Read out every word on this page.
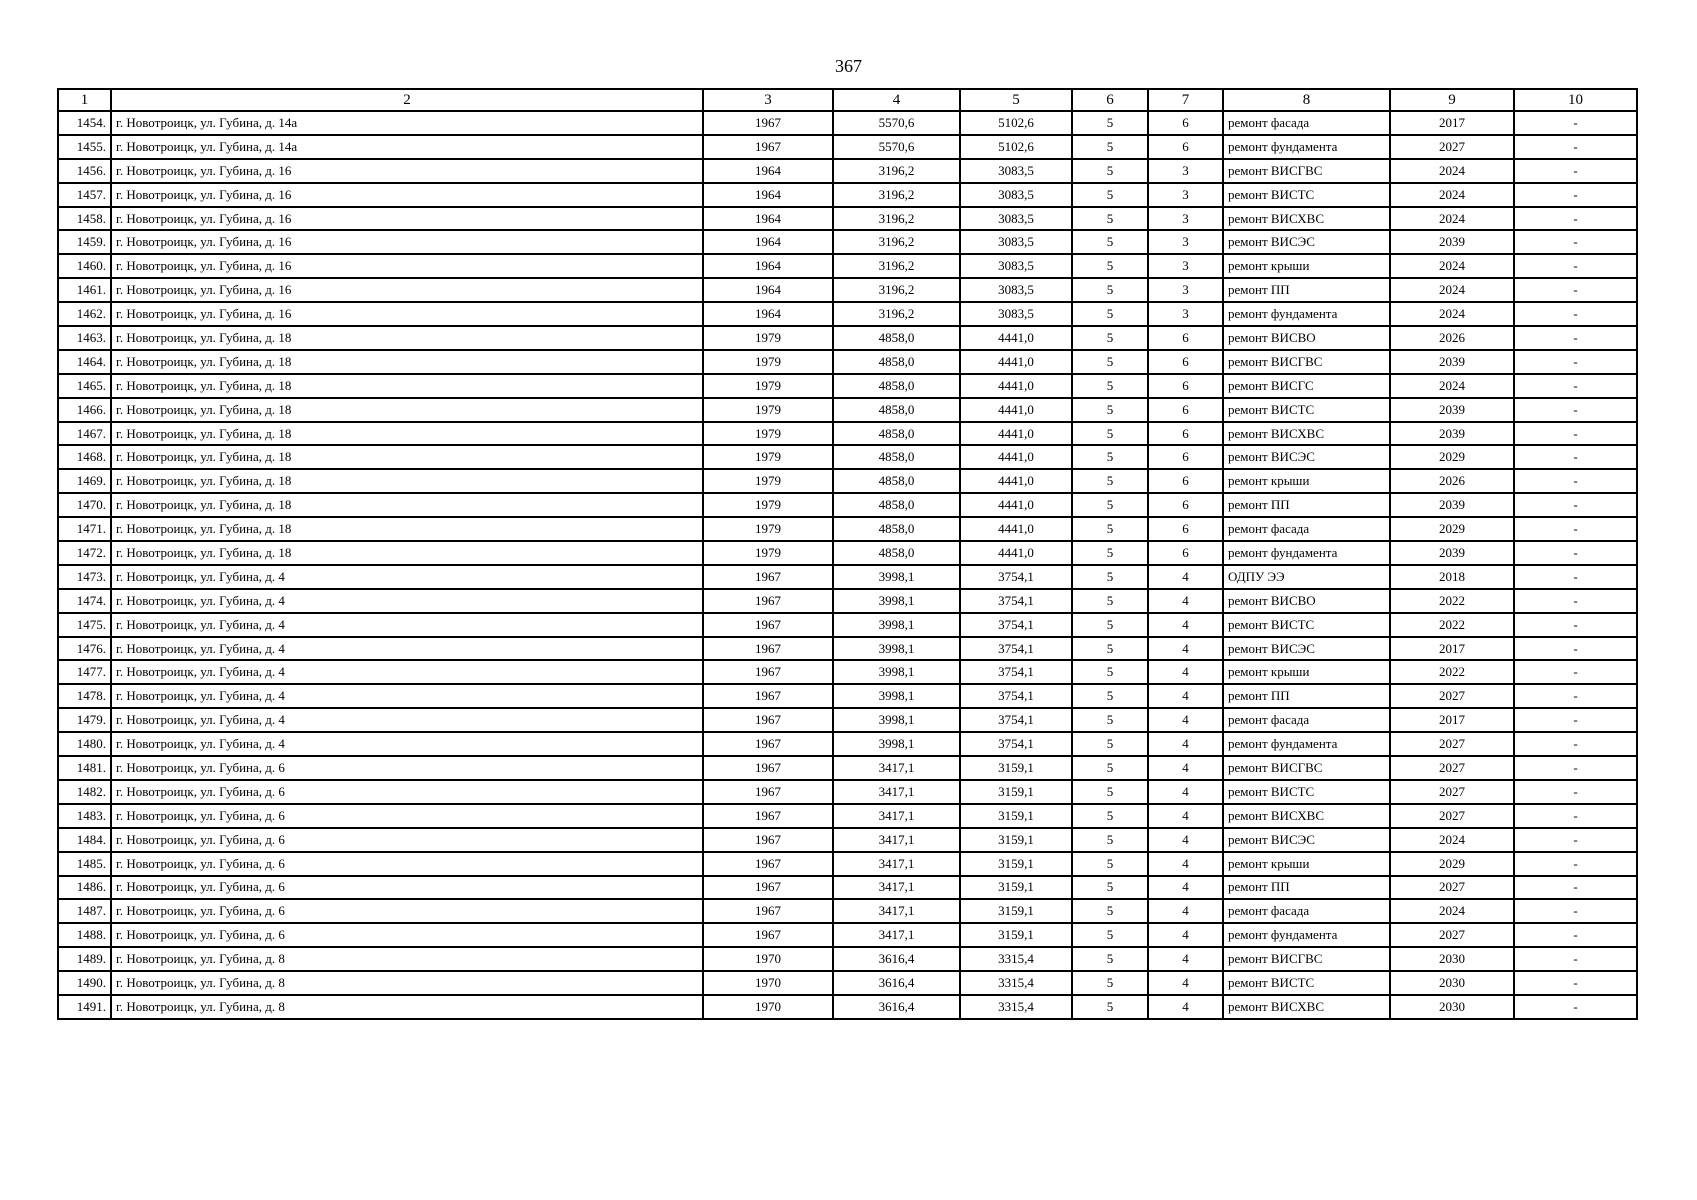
367
1	2	3	4	5	6	7	8	9	10
1454.	г. Новотроицк, ул. Губина, д. 14а	1967	5570,6	5102,6	5	6	ремонт фасада	2017	-
1455.	г. Новотроицк, ул. Губина, д. 14а	1967	5570,6	5102,6	5	6	ремонт фундамента	2027	-
1456.	г. Новотроицк, ул. Губина, д. 16	1964	3196,2	3083,5	5	3	ремонт ВИСГВС	2024	-
1457.	г. Новотроицк, ул. Губина, д. 16	1964	3196,2	3083,5	5	3	ремонт ВИСТС	2024	-
1458.	г. Новотроицк, ул. Губина, д. 16	1964	3196,2	3083,5	5	3	ремонт ВИСХВС	2024	-
1459.	г. Новотроицк, ул. Губина, д. 16	1964	3196,2	3083,5	5	3	ремонт ВИСЭС	2039	-
1460.	г. Новотроицк, ул. Губина, д. 16	1964	3196,2	3083,5	5	3	ремонт крыши	2024	-
1461.	г. Новотроицк, ул. Губина, д. 16	1964	3196,2	3083,5	5	3	ремонт ПП	2024	-
1462.	г. Новотроицк, ул. Губина, д. 16	1964	3196,2	3083,5	5	3	ремонт фундамента	2024	-
1463.	г. Новотроицк, ул. Губина, д. 18	1979	4858,0	4441,0	5	6	ремонт ВИСВО	2026	-
1464.	г. Новотроицк, ул. Губина, д. 18	1979	4858,0	4441,0	5	6	ремонт ВИСГВС	2039	-
1465.	г. Новотроицк, ул. Губина, д. 18	1979	4858,0	4441,0	5	6	ремонт ВИСГС	2024	-
1466.	г. Новотроицк, ул. Губина, д. 18	1979	4858,0	4441,0	5	6	ремонт ВИСТС	2039	-
1467.	г. Новотроицк, ул. Губина, д. 18	1979	4858,0	4441,0	5	6	ремонт ВИСХВС	2039	-
1468.	г. Новотроицк, ул. Губина, д. 18	1979	4858,0	4441,0	5	6	ремонт ВИСЭС	2029	-
1469.	г. Новотроицк, ул. Губина, д. 18	1979	4858,0	4441,0	5	6	ремонт крыши	2026	-
1470.	г. Новотроицк, ул. Губина, д. 18	1979	4858,0	4441,0	5	6	ремонт ПП	2039	-
1471.	г. Новотроицк, ул. Губина, д. 18	1979	4858,0	4441,0	5	6	ремонт фасада	2029	-
1472.	г. Новотроицк, ул. Губина, д. 18	1979	4858,0	4441,0	5	6	ремонт фундамента	2039	-
1473.	г. Новотроицк, ул. Губина, д. 4	1967	3998,1	3754,1	5	4	ОДПУ ЭЭ	2018	-
1474.	г. Новотроицк, ул. Губина, д. 4	1967	3998,1	3754,1	5	4	ремонт ВИСВО	2022	-
1475.	г. Новотроицк, ул. Губина, д. 4	1967	3998,1	3754,1	5	4	ремонт ВИСТС	2022	-
1476.	г. Новотроицк, ул. Губина, д. 4	1967	3998,1	3754,1	5	4	ремонт ВИСЭС	2017	-
1477.	г. Новотроицк, ул. Губина, д. 4	1967	3998,1	3754,1	5	4	ремонт крыши	2022	-
1478.	г. Новотроицк, ул. Губина, д. 4	1967	3998,1	3754,1	5	4	ремонт ПП	2027	-
1479.	г. Новотроицк, ул. Губина, д. 4	1967	3998,1	3754,1	5	4	ремонт фасада	2017	-
1480.	г. Новотроицк, ул. Губина, д. 4	1967	3998,1	3754,1	5	4	ремонт фундамента	2027	-
1481.	г. Новотроицк, ул. Губина, д. 6	1967	3417,1	3159,1	5	4	ремонт ВИСГВС	2027	-
1482.	г. Новотроицк, ул. Губина, д. 6	1967	3417,1	3159,1	5	4	ремонт ВИСТС	2027	-
1483.	г. Новотроицк, ул. Губина, д. 6	1967	3417,1	3159,1	5	4	ремонт ВИСХВС	2027	-
1484.	г. Новотроицк, ул. Губина, д. 6	1967	3417,1	3159,1	5	4	ремонт ВИСЭС	2024	-
1485.	г. Новотроицк, ул. Губина, д. 6	1967	3417,1	3159,1	5	4	ремонт крыши	2029	-
1486.	г. Новотроицк, ул. Губина, д. 6	1967	3417,1	3159,1	5	4	ремонт ПП	2027	-
1487.	г. Новотроицк, ул. Губина, д. 6	1967	3417,1	3159,1	5	4	ремонт фасада	2024	-
1488.	г. Новотроицк, ул. Губина, д. 6	1967	3417,1	3159,1	5	4	ремонт фундамента	2027	-
1489.	г. Новотроицк, ул. Губина, д. 8	1970	3616,4	3315,4	5	4	ремонт ВИСГВС	2030	-
1490.	г. Новотроицк, ул. Губина, д. 8	1970	3616,4	3315,4	5	4	ремонт ВИСТС	2030	-
1491.	г. Новотроицк, ул. Губина, д. 8	1970	3616,4	3315,4	5	4	ремонт ВИСХВС	2030	-
